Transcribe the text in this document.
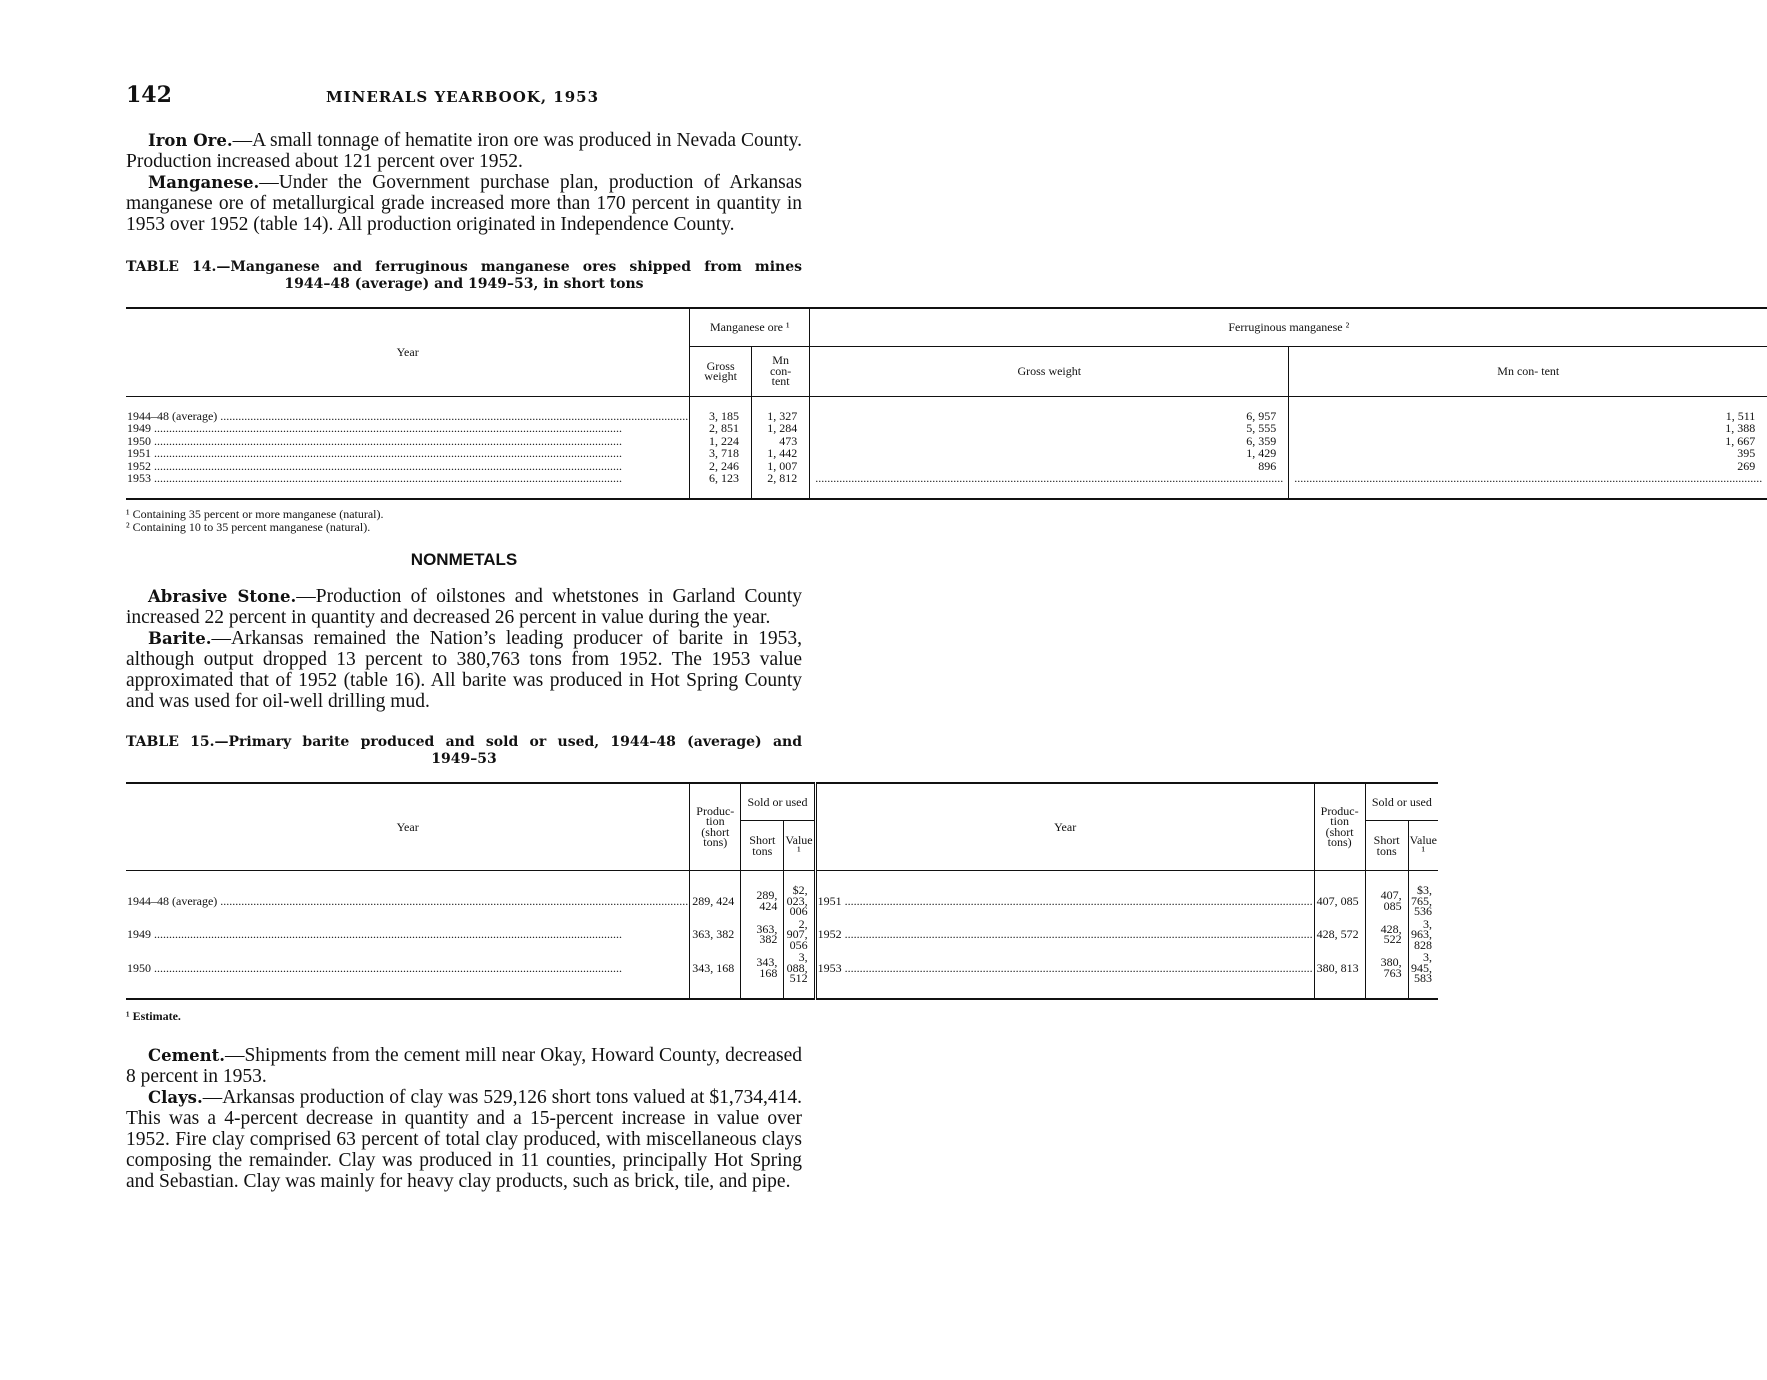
142	MINERALS YEARBOOK, 1953

Iron Ore.—A small tonnage of hematite iron ore was produced in Nevada County. Production increased about 121 percent over 1952.

Manganese.—Under the Government purchase plan, production of Arkansas manganese ore of metallurgical grade increased more than 170 percent in quantity in 1953 over 1952 (table 14). All production originated in Independence County.

TABLE 14.—Manganese and ferruginous manganese ores shipped from mines

1944–48 (average) and 1949–53, in short tons

Year	Manganese ore ¹		Ferruginous manganese ²	
	Gross weight	Mn con- tent	Gross weight	Mn con- tent

1944–48 (average) .....	3, 185	1, 327	6, 957	1, 511

1949 .....	2, 851	1, 284	5, 555	1, 388

1950 .....	1, 224	473	6, 359	1, 667

1951 .....	3, 718	1, 442	1, 429	395

1952 .....	2, 246	1, 007	896	269

1953 .....	6, 123	2, 812	
.....

.....

¹ Containing 35 percent or more manganese (natural).

² Containing 10 to 35 percent manganese (natural).

NONMETALS

Abrasive Stone.—Production of oilstones and whetstones in Garland County increased 22 percent in quantity and decreased 26 percent in value during the year.

Barite.—Arkansas remained the Nation’s leading producer of barite in 1953, although output dropped 13 percent to 380,763 tons from 1952. The 1953 value approximated that of 1952 (table 16). All barite was produced in Hot Spring County and was used for oil-well drilling mud.

TABLE 15.—Primary barite produced and sold or used, 1944–48 (average) and

1949–53

Year	Produc- tion (short tons)	Sold or used		Year	Produc- tion (short tons)	Sold or used	
		Short tons	Value ¹			Short tons	Value ¹

1944–48 (average) .....	289, 424	289, 424	$2, 023, 006	1951 .....	407, 085	407, 085	$3, 765, 536

1949 .....	363, 382	363, 382	2, 907, 056	1952 .....	428, 572	428, 522	3, 963, 828

1950 .....	343, 168	343, 168	3, 088, 512	1953 .....	380, 813	380, 763	3, 945, 583

¹ Estimate.

Cement.—Shipments from the cement mill near Okay, Howard County, decreased 8 percent in 1953.

Clays.—Arkansas production of clay was 529,126 short tons valued at $1,734,414. This was a 4-percent decrease in quantity and a 15-percent increase in value over 1952. Fire clay comprised 63 percent of total clay produced, with miscellaneous clays composing the remainder. Clay was produced in 11 counties, principally Hot Spring and Sebastian. Clay was mainly for heavy clay products, such as brick, tile, and pipe.
